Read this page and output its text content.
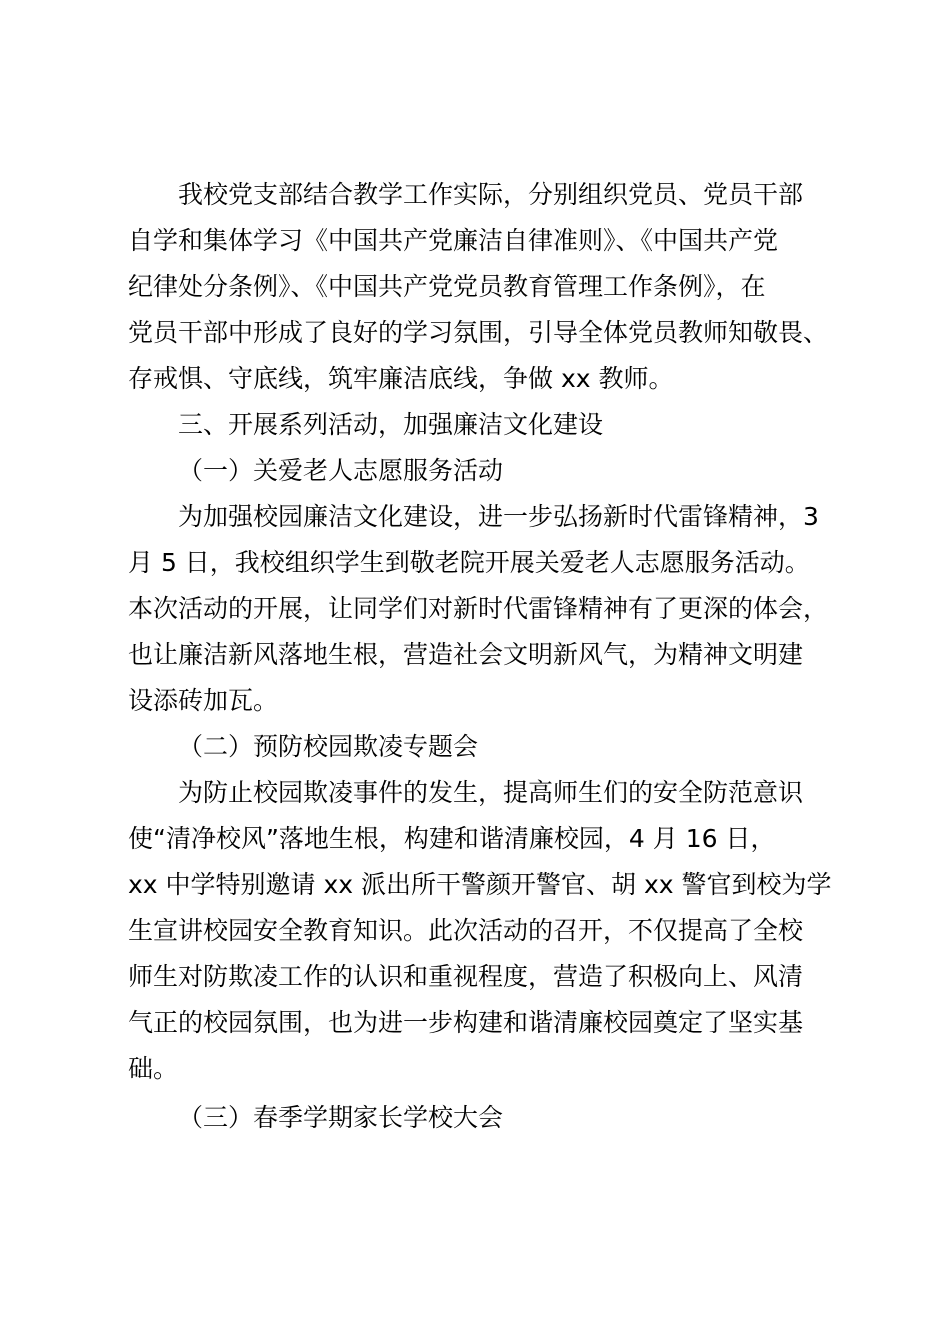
我校党支部结合教学工作实际，分别组织党员、党员干部
自学和集体学习《中国共产党廉洁自律准则》、《中国共产党
纪律处分条例》、《中国共产党党员教育管理工作条例》，在
党员干部中形成了良好的学习氛围，引导全体党员教师知敬畏、
存戒惧、守底线，筑牢廉洁底线，争做 xx 教师。
三、开展系列活动，加强廉洁文化建设
（一）关爱老人志愿服务活动
为加强校园廉洁文化建设，进一步弘扬新时代雷锋精神，3
月 5 日，我校组织学生到敬老院开展关爱老人志愿服务活动。
本次活动的开展，让同学们对新时代雷锋精神有了更深的体会，
也让廉洁新风落地生根，营造社会文明新风气，为精神文明建
设添砖加瓦。
（二）预防校园欺凌专题会
为防止校园欺凌事件的发生，提高师生们的安全防范意识
使“清净校风”落地生根，构建和谐清廉校园，4 月 16 日，
xx 中学特别邀请 xx 派出所干警颜开警官、胡 xx 警官到校为学
生宣讲校园安全教育知识。此次活动的召开，不仅提高了全校
师生对防欺凌工作的认识和重视程度，营造了积极向上、风清
气正的校园氛围，也为进一步构建和谐清廉校园奠定了坚实基
础。
（三）春季学期家长学校大会
